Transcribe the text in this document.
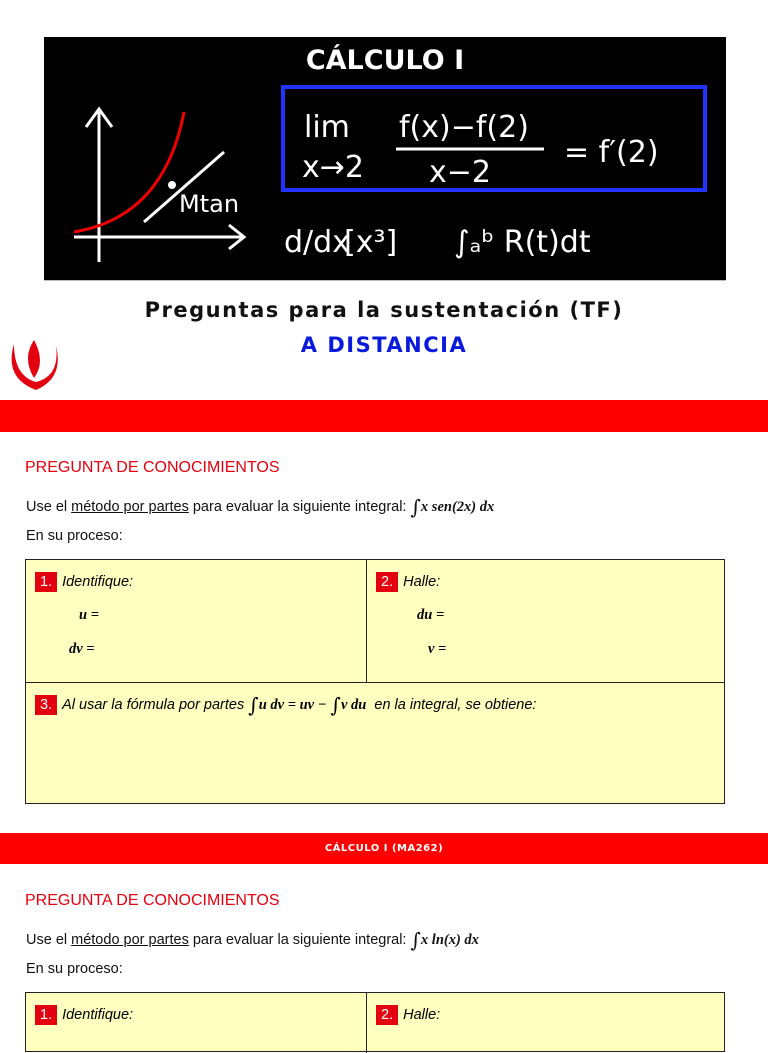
CÁLCULO I
lim
x→2
f(x)−f(2)
x−2
= f′(2)
Mtan
d/dx
[x³] ∫ₐᵇ R(t)dt
Preguntas para la sustentación (TF)
A DISTANCIA
PREGUNTA DE CONOCIMIENTOS
Use el método por partes para evaluar la siguiente integral: ∫x sen(2x) dx
En su proceso:
1. Identifique:
u =
dv =
2. Halle:
du =
v =
3. Al usar la fórmula por partes ∫u dv = uv − ∫v du en la integral, se obtiene:
CÁLCULO I (MA262)
PREGUNTA DE CONOCIMIENTOS
Use el método por partes para evaluar la siguiente integral: ∫x ln(x) dx
En su proceso:
1. Identifique:	2. Halle:
